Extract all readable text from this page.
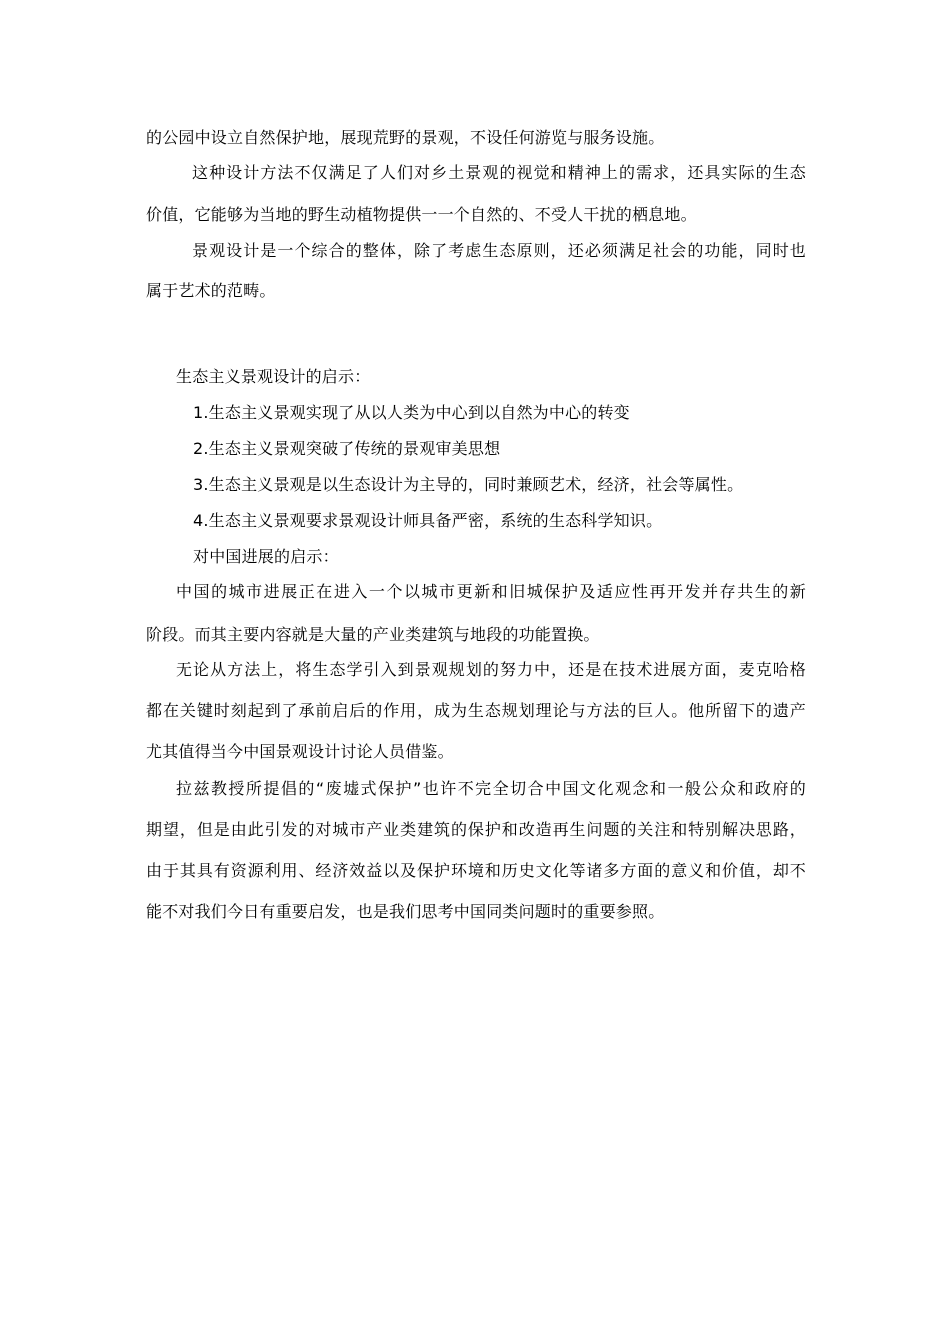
的公园中设立自然保护地，展现荒野的景观，不设任何游览与服务设施。
这种设计方法不仅满足了人们对乡土景观的视觉和精神上的需求，还具实际的生态
价值，它能够为当地的野生动植物提供一一个自然的、不受人干扰的栖息地。
景观设计是一个综合的整体，除了考虑生态原则，还必须满足社会的功能，同时也
属于艺术的范畴。
生态主义景观设计的启示：
1.生态主义景观实现了从以人类为中心到以自然为中心的转变
2.生态主义景观突破了传统的景观审美思想
3.生态主义景观是以生态设计为主导的，同时兼顾艺术，经济，社会等属性。
4.生态主义景观要求景观设计师具备严密，系统的生态科学知识。
对中国进展的启示：
中国的城市进展正在进入一个以城市更新和旧城保护及适应性再开发并存共生的新
阶段。而其主要内容就是大量的产业类建筑与地段的功能置换。
无论从方法上，将生态学引入到景观规划的努力中，还是在技术进展方面，麦克哈格
都在关键时刻起到了承前启后的作用，成为生态规划理论与方法的巨人。他所留下的遗产
尤其值得当今中国景观设计讨论人员借鉴。
拉兹教授所提倡的“废墟式保护”也许不完全切合中国文化观念和一般公众和政府的
期望，但是由此引发的对城市产业类建筑的保护和改造再生问题的关注和特别解决思路，
由于其具有资源利用、经济效益以及保护环境和历史文化等诸多方面的意义和价值，却不
能不对我们今日有重要启发，也是我们思考中国同类问题时的重要参照。
